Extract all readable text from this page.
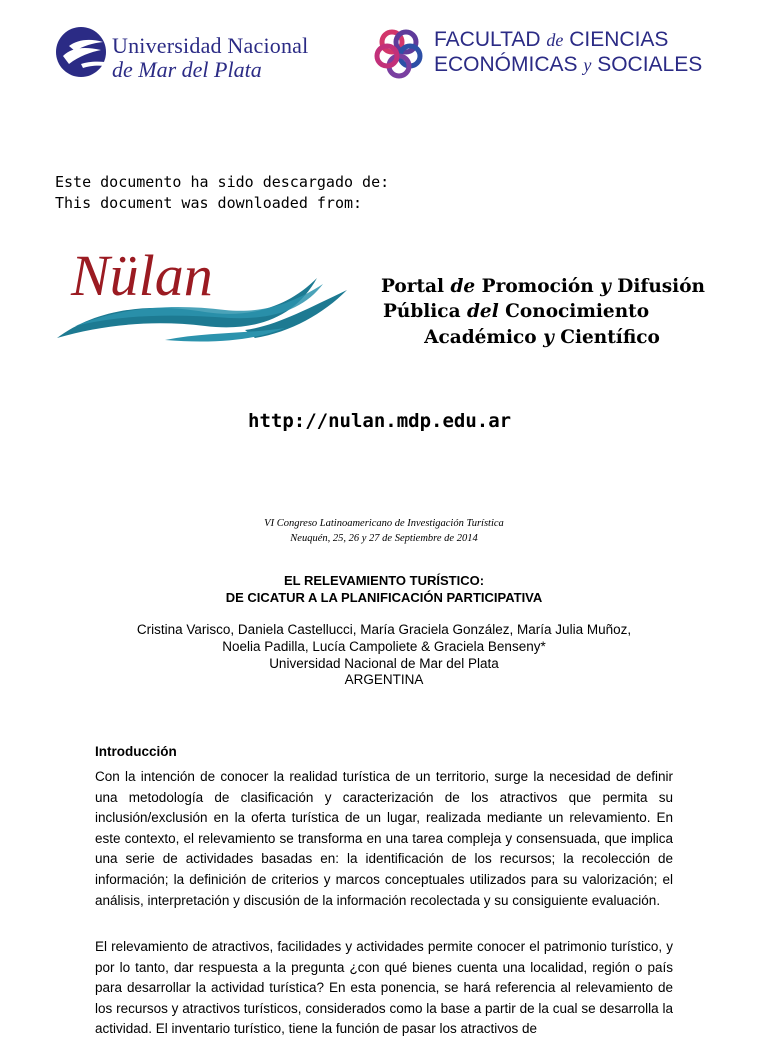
Universidad Nacional
de Mar del Plata
FACULTAD de CIENCIAS
ECONÓMICAS y SOCIALES
Este documento ha sido descargado de:
This document was downloaded from:
Nülan	Portal de Promoción y Difusión
Pública del Conocimiento
Académico y Científico
http://nulan.mdp.edu.ar
VI Congreso Latinoamericano de Investigación Turística
Neuquén, 25, 26 y 27 de Septiembre de 2014
EL RELEVAMIENTO TURÍSTICO:
DE CICATUR A LA PLANIFICACIÓN PARTICIPATIVA
Cristina Varisco, Daniela Castellucci, María Graciela González, María Julia Muñoz,
Noelia Padilla, Lucía Campoliete & Graciela Benseny*
Universidad Nacional de Mar del Plata
ARGENTINA
Introducción
Con la intención de conocer la realidad turística de un territorio, surge la necesidad de definir una metodología de clasificación y caracterización de los atractivos que permita su inclusión/exclusión en la oferta turística de un lugar, realizada mediante un relevamiento. En este contexto, el relevamiento se transforma en una tarea compleja y consensuada, que implica una serie de actividades basadas en: la identificación de los recursos; la recolección de información; la definición de criterios y marcos conceptuales utilizados para su valorización; el análisis, interpretación y discusión de la información recolectada y su consiguiente evaluación.
El relevamiento de atractivos, facilidades y actividades permite conocer el patrimonio turístico, y por lo tanto, dar respuesta a la pregunta ¿con qué bienes cuenta una localidad, región o país para desarrollar la actividad turística? En esta ponencia, se hará referencia al relevamiento de los recursos y atractivos turísticos, considerados como la base a partir de la cual se desarrolla la actividad. El inventario turístico, tiene la función de pasar los atractivos de
